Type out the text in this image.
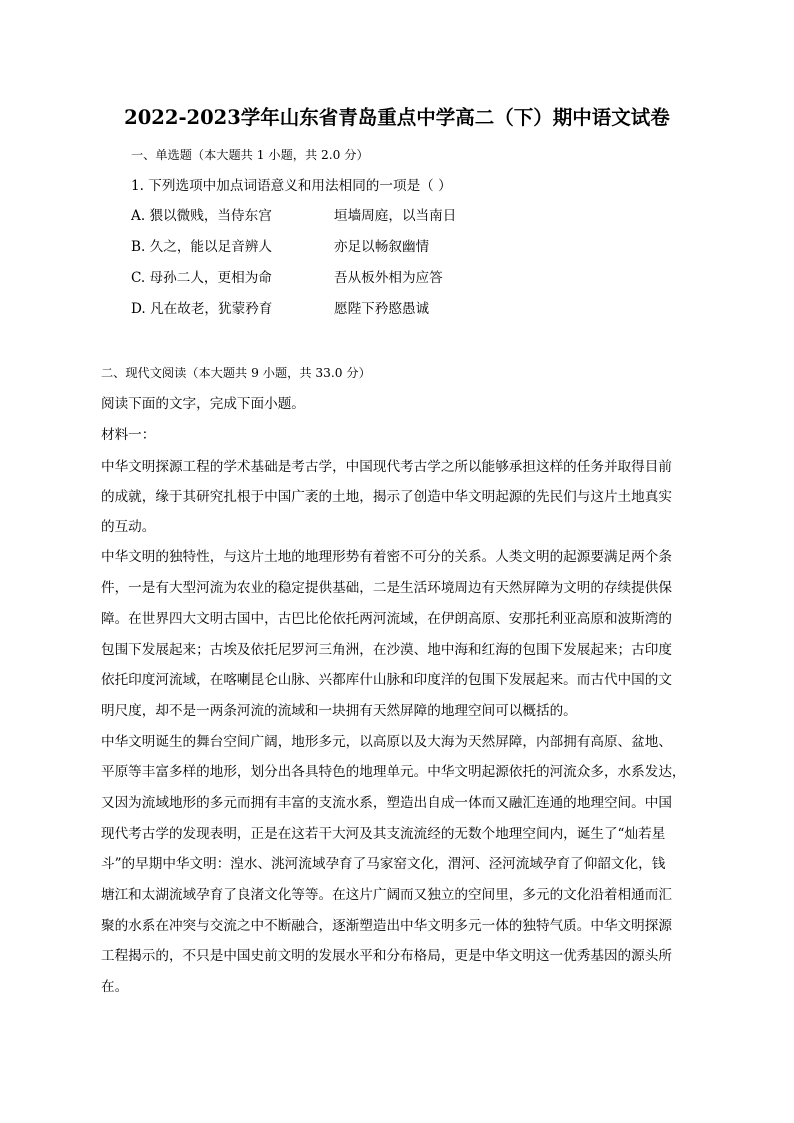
2022-2023学年山东省青岛重点中学高二（下）期中语文试卷
一、单选题（本大题共 1 小题，共 2.0 分）
1. 下列选项中加点词语意义和用法相同的一项是（ ）
A. 猥以微贱，当侍东宫	垣墙周庭，以当南日
B. 久之，能以足音辨人	亦足以畅叙幽情
C. 母孙二人，更相为命	吾从板外相为应答
D. 凡在故老，犹蒙矜育	愿陛下矜愍愚诚
二、现代文阅读（本大题共 9 小题，共 33.0 分）
阅读下面的文字，完成下面小题。
材料一：
中华文明探源工程的学术基础是考古学，中国现代考古学之所以能够承担这样的任务并取得目前
的成就，缘于其研究扎根于中国广袤的土地，揭示了创造中华文明起源的先民们与这片土地真实
的互动。
中华文明的独特性，与这片土地的地理形势有着密不可分的关系。人类文明的起源要满足两个条
件，一是有大型河流为农业的稳定提供基础，二是生活环境周边有天然屏障为文明的存续提供保
障。在世界四大文明古国中，古巴比伦依托两河流域，在伊朗高原、安那托利亚高原和波斯湾的
包围下发展起来；古埃及依托尼罗河三角洲，在沙漠、地中海和红海的包围下发展起来；古印度
依托印度河流域，在喀喇昆仑山脉、兴都库什山脉和印度洋的包围下发展起来。而古代中国的文
明尺度，却不是一两条河流的流域和一块拥有天然屏障的地理空间可以概括的。
中华文明诞生的舞台空间广阔，地形多元，以高原以及大海为天然屏障，内部拥有高原、盆地、
平原等丰富多样的地形，划分出各具特色的地理单元。中华文明起源依托的河流众多，水系发达，
又因为流域地形的多元而拥有丰富的支流水系，塑造出自成一体而又融汇连通的地理空间。中国
现代考古学的发现表明，正是在这若干大河及其支流流经的无数个地理空间内，诞生了“灿若星
斗”的早期中华文明：湟水、洮河流域孕育了马家窑文化，渭河、泾河流域孕育了仰韶文化，钱
塘江和太湖流域孕育了良渚文化等等。在这片广阔而又独立的空间里，多元的文化沿着相通而汇
聚的水系在冲突与交流之中不断融合，逐渐塑造出中华文明多元一体的独特气质。中华文明探源
工程揭示的，不只是中国史前文明的发展水平和分布格局，更是中华文明这一优秀基因的源头所
在。
